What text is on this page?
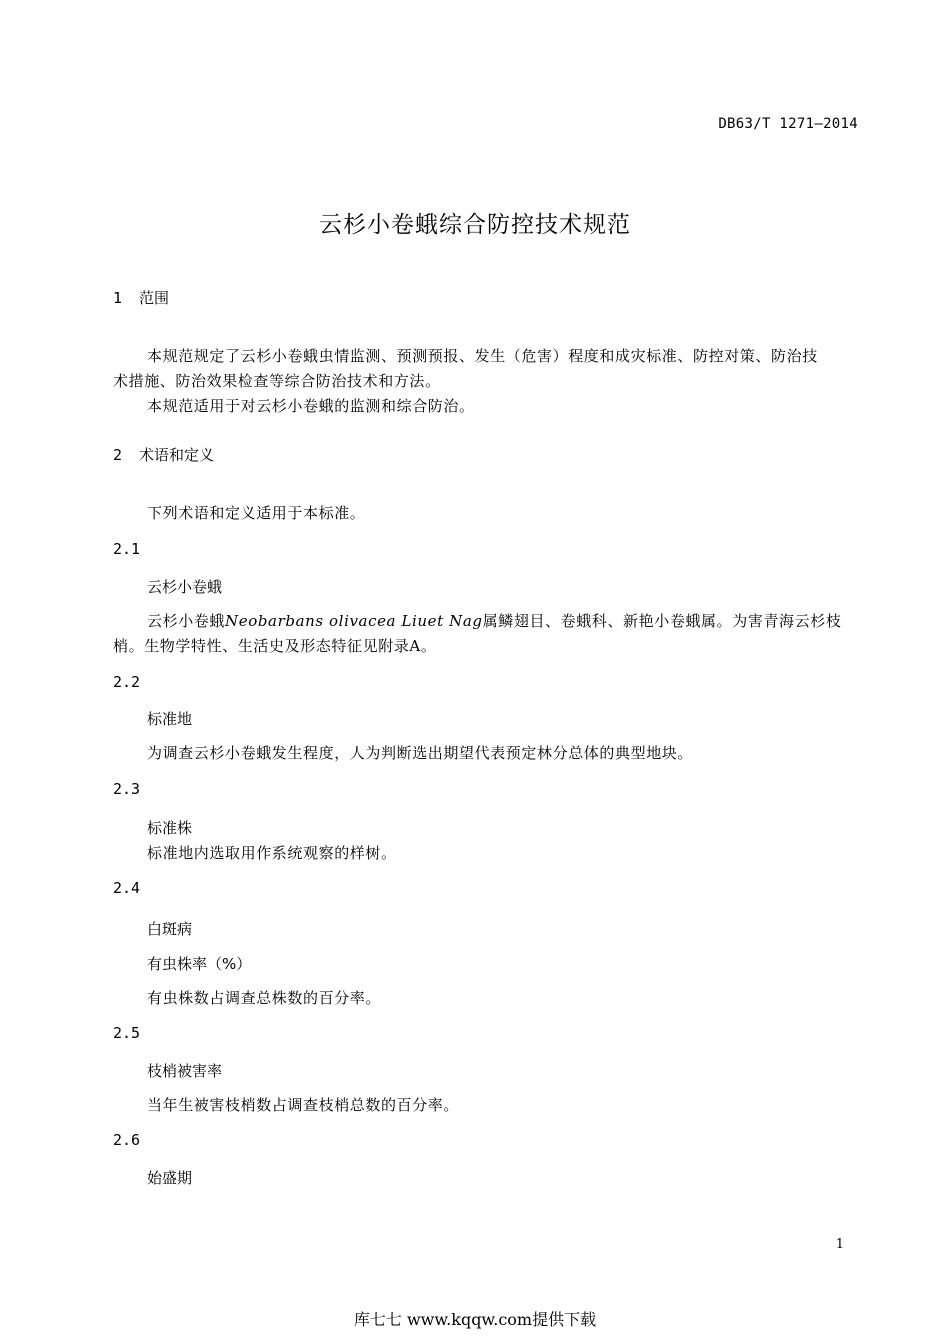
DB63/T 1271—2014
云杉小卷蛾综合防控技术规范
1 范围
本规范规定了云杉小卷蛾虫情监测、预测预报、发生（危害）程度和成灾标准、防控对策、防治技
术措施、防治效果检查等综合防治技术和方法。
本规范适用于对云杉小卷蛾的监测和综合防治。
2 术语和定义
下列术语和定义适用于本标准。
2.1
云杉小卷蛾
云杉小卷蛾Neobarbans olivacea Liuet Nag属鳞翅目、卷蛾科、新艳小卷蛾属。为害青海云杉枝
梢。生物学特性、生活史及形态特征见附录A。
2.2
标准地
为调查云杉小卷蛾发生程度，人为判断选出期望代表预定林分总体的典型地块。
2.3
标准株
标准地内选取用作系统观察的样树。
2.4
白斑病
有虫株率（%）
有虫株数占调查总株数的百分率。
2.5
枝梢被害率
当年生被害枝梢数占调查枝梢总数的百分率。
2.6
始盛期
1
库七七 www.kqqw.com提供下载
